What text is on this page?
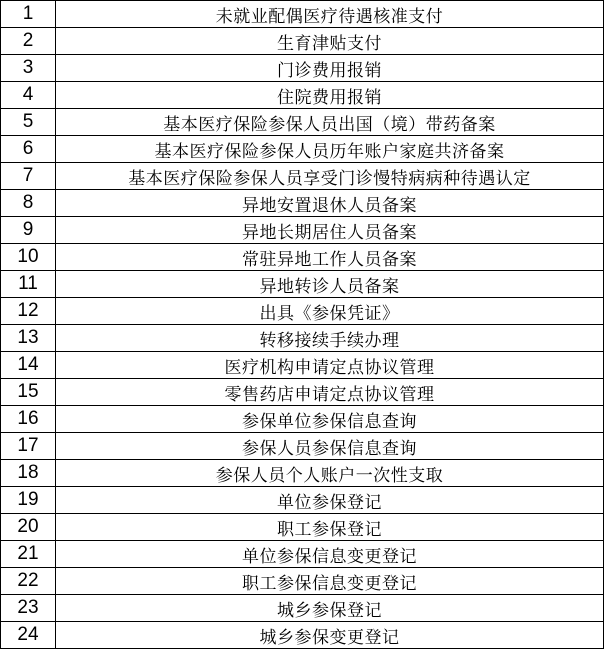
1	未就业配偶医疗待遇核准支付
2	生育津贴支付
3	门诊费用报销
4	住院费用报销
5	基本医疗保险参保人员出国（境）带药备案
6	基本医疗保险参保人员历年账户家庭共济备案
7	基本医疗保险参保人员享受门诊慢特病病种待遇认定
8	异地安置退休人员备案
9	异地长期居住人员备案
10	常驻异地工作人员备案
11	异地转诊人员备案
12	出具《参保凭证》
13	转移接续手续办理
14	医疗机构申请定点协议管理
15	零售药店申请定点协议管理
16	参保单位参保信息查询
17	参保人员参保信息查询
18	参保人员个人账户一次性支取
19	单位参保登记
20	职工参保登记
21	单位参保信息变更登记
22	职工参保信息变更登记
23	城乡参保登记
24	城乡参保变更登记
